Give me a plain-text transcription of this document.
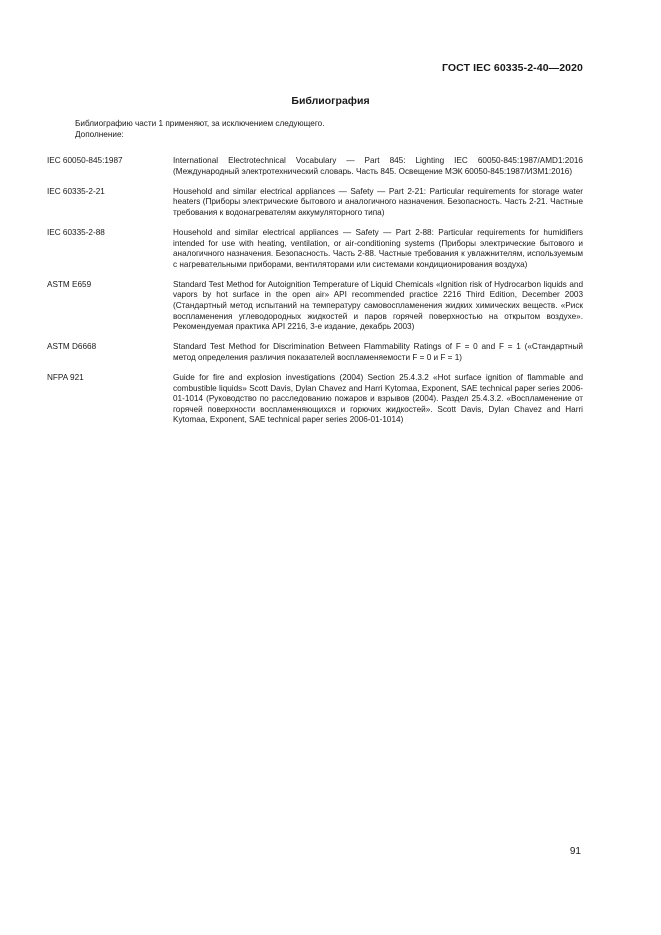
ГОСТ IEC 60335-2-40—2020
Библиография
Библиографию части 1 применяют, за исключением следующего.
Дополнение:
IEC 60050-845:1987	International Electrotechnical Vocabulary — Part 845: Lighting IEC 60050-845:1987/AMD1:2016 (Международный электротехнический словарь. Часть 845. Освещение МЭК 60050-845:1987/ИЗМ1:2016)
IEC 60335-2-21	Household and similar electrical appliances — Safety — Part 2-21: Particular requirements for storage water heaters (Приборы электрические бытового и аналогичного назначения. Безопасность. Часть 2-21. Частные требования к водонагревателям аккумуляторного типа)
IEC 60335-2-88	Household and similar electrical appliances — Safety — Part 2-88: Particular requirements for humidifiers intended for use with heating, ventilation, or air-conditioning systems (Приборы электрические бытового и аналогичного назначения. Безопасность. Часть 2-88. Частные требования к увлажнителям, используемым с нагревательными приборами, вентиляторами или системами кондиционирования воздуха)
ASTM E659	Standard Test Method for Autoignition Temperature of Liquid Chemicals «Ignition risk of Hydrocarbon liquids and vapors by hot surface in the open air» API recommended practice 2216 Third Edition, December 2003 (Стандартный метод испытаний на температуру самовоспламенения жидких химических веществ. «Риск воспламенения углеводородных жидкостей и паров горячей поверхностью на открытом воздухе». Рекомендуемая практика API 2216, 3-е издание, декабрь 2003)
ASTM D6668	Standard Test Method for Discrimination Between Flammability Ratings of F = 0 and F = 1 («Стандартный метод определения различия показателей воспламеняемости F = 0 и F = 1)
NFPA 921	Guide for fire and explosion investigations (2004) Section 25.4.3.2 «Hot surface ignition of flammable and combustible liquids» Scott Davis, Dylan Chavez and Harri Kytomaa, Exponent, SAE technical paper series 2006-01-1014 (Руководство по расследованию пожаров и взрывов (2004). Раздел 25.4.3.2. «Воспламенение от горячей поверхности воспламеняющихся и горючих жидкостей». Scott Davis, Dylan Chavez and Harri Kytomaa, Exponent, SAE technical paper series 2006-01-1014)
91
